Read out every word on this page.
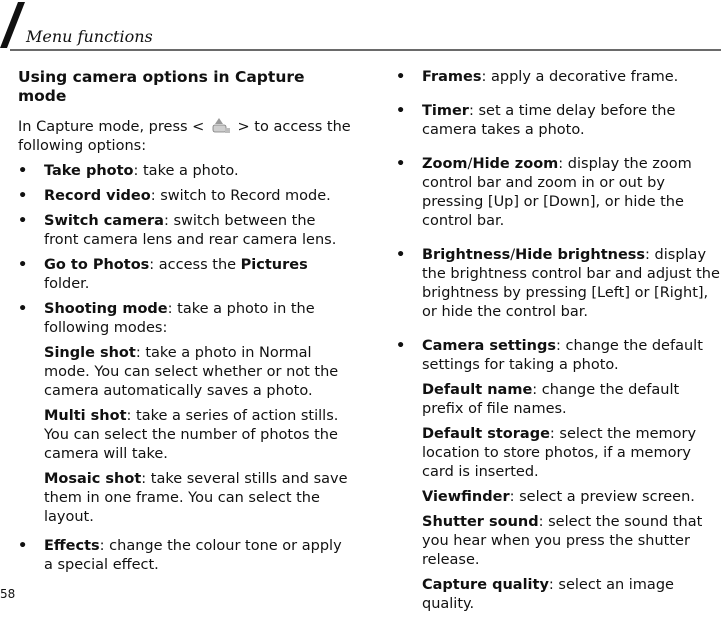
Menu functions
Using camera options in Capture mode
In Capture mode, press < > to access the following options:
• Take photo: take a photo.
• Record video: switch to Record mode.
• Switch camera: switch between the front camera lens and rear camera lens.
• Go to Photos: access the Pictures folder.
• Shooting mode: take a photo in the following modes:
Single shot: take a photo in Normal mode. You can select whether or not the camera automatically saves a photo.
Multi shot: take a series of action stills. You can select the number of photos the camera will take.
Mosaic shot: take several stills and save them in one frame. You can select the layout.
• Effects: change the colour tone or apply a special effect.
• Frames: apply a decorative frame.
• Timer: set a time delay before the camera takes a photo.
• Zoom/Hide zoom: display the zoom control bar and zoom in or out by pressing [Up] or [Down], or hide the control bar.
• Brightness/Hide brightness: display the brightness control bar and adjust the brightness by pressing [Left] or [Right], or hide the control bar.
• Camera settings: change the default settings for taking a photo.
Default name: change the default prefix of file names.
Default storage: select the memory location to store photos, if a memory card is inserted.
Viewfinder: select a preview screen.
Shutter sound: select the sound that you hear when you press the shutter release.
Capture quality: select an image quality.
58
